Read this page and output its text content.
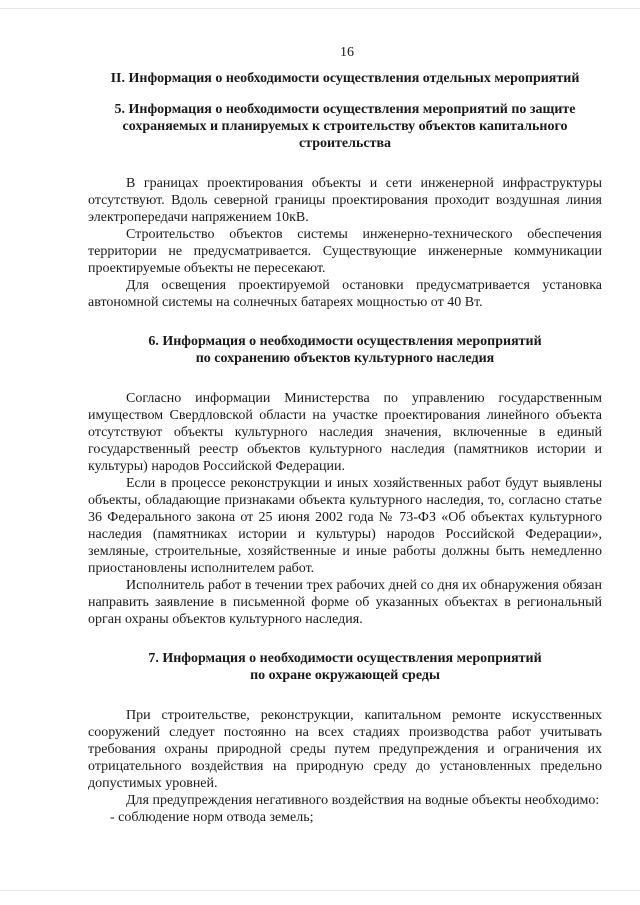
16
II. Информация о необходимости осуществления отдельных мероприятий
5. Информация о необходимости осуществления мероприятий по защите
сохраняемых и планируемых к строительству объектов капитального
строительства

В границах проектирования объекты и сети инженерной инфраструктуры отсутствуют. Вдоль северной границы проектирования проходит воздушная линия электропередачи напряжением 10кВ.

Строительство объектов системы инженерно-технического обеспечения территории не предусматривается. Существующие инженерные коммуникации проектируемые объекты не пересекают.

Для освещения проектируемой остановки предусматривается установка автономной системы на солнечных батареях мощностью от 40 Вт.

6. Информация о необходимости осуществления мероприятий
по сохранению объектов культурного наследия

Согласно информации Министерства по управлению государственным имуществом Свердловской области на участке проектирования линейного объекта отсутствуют объекты культурного наследия значения, включенные в единый государственный реестр объектов культурного наследия (памятников истории и культуры) народов Российской Федерации.

Если в процессе реконструкции и иных хозяйственных работ будут выявлены объекты, обладающие признаками объекта культурного наследия, то, согласно статье 36 Федерального закона от 25 июня 2002 года № 73-ФЗ «Об объектах культурного наследия (памятниках истории и культуры) народов Российской Федерации», земляные, строительные, хозяйственные и иные работы должны быть немедленно приостановлены исполнителем работ.

Исполнитель работ в течении трех рабочих дней со дня их обнаружения обязан направить заявление в письменной форме об указанных объектах в региональный орган охраны объектов культурного наследия.

7. Информация о необходимости осуществления мероприятий
по охране окружающей среды

При строительстве, реконструкции, капитальном ремонте искусственных сооружений следует постоянно на всех стадиях производства работ учитывать требования охраны природной среды путем предупреждения и ограничения их отрицательного воздействия на природную среду до установленных предельно допустимых уровней.

Для предупреждения негативного воздействия на водные объекты необходимо:

- соблюдение норм отвода земель;
